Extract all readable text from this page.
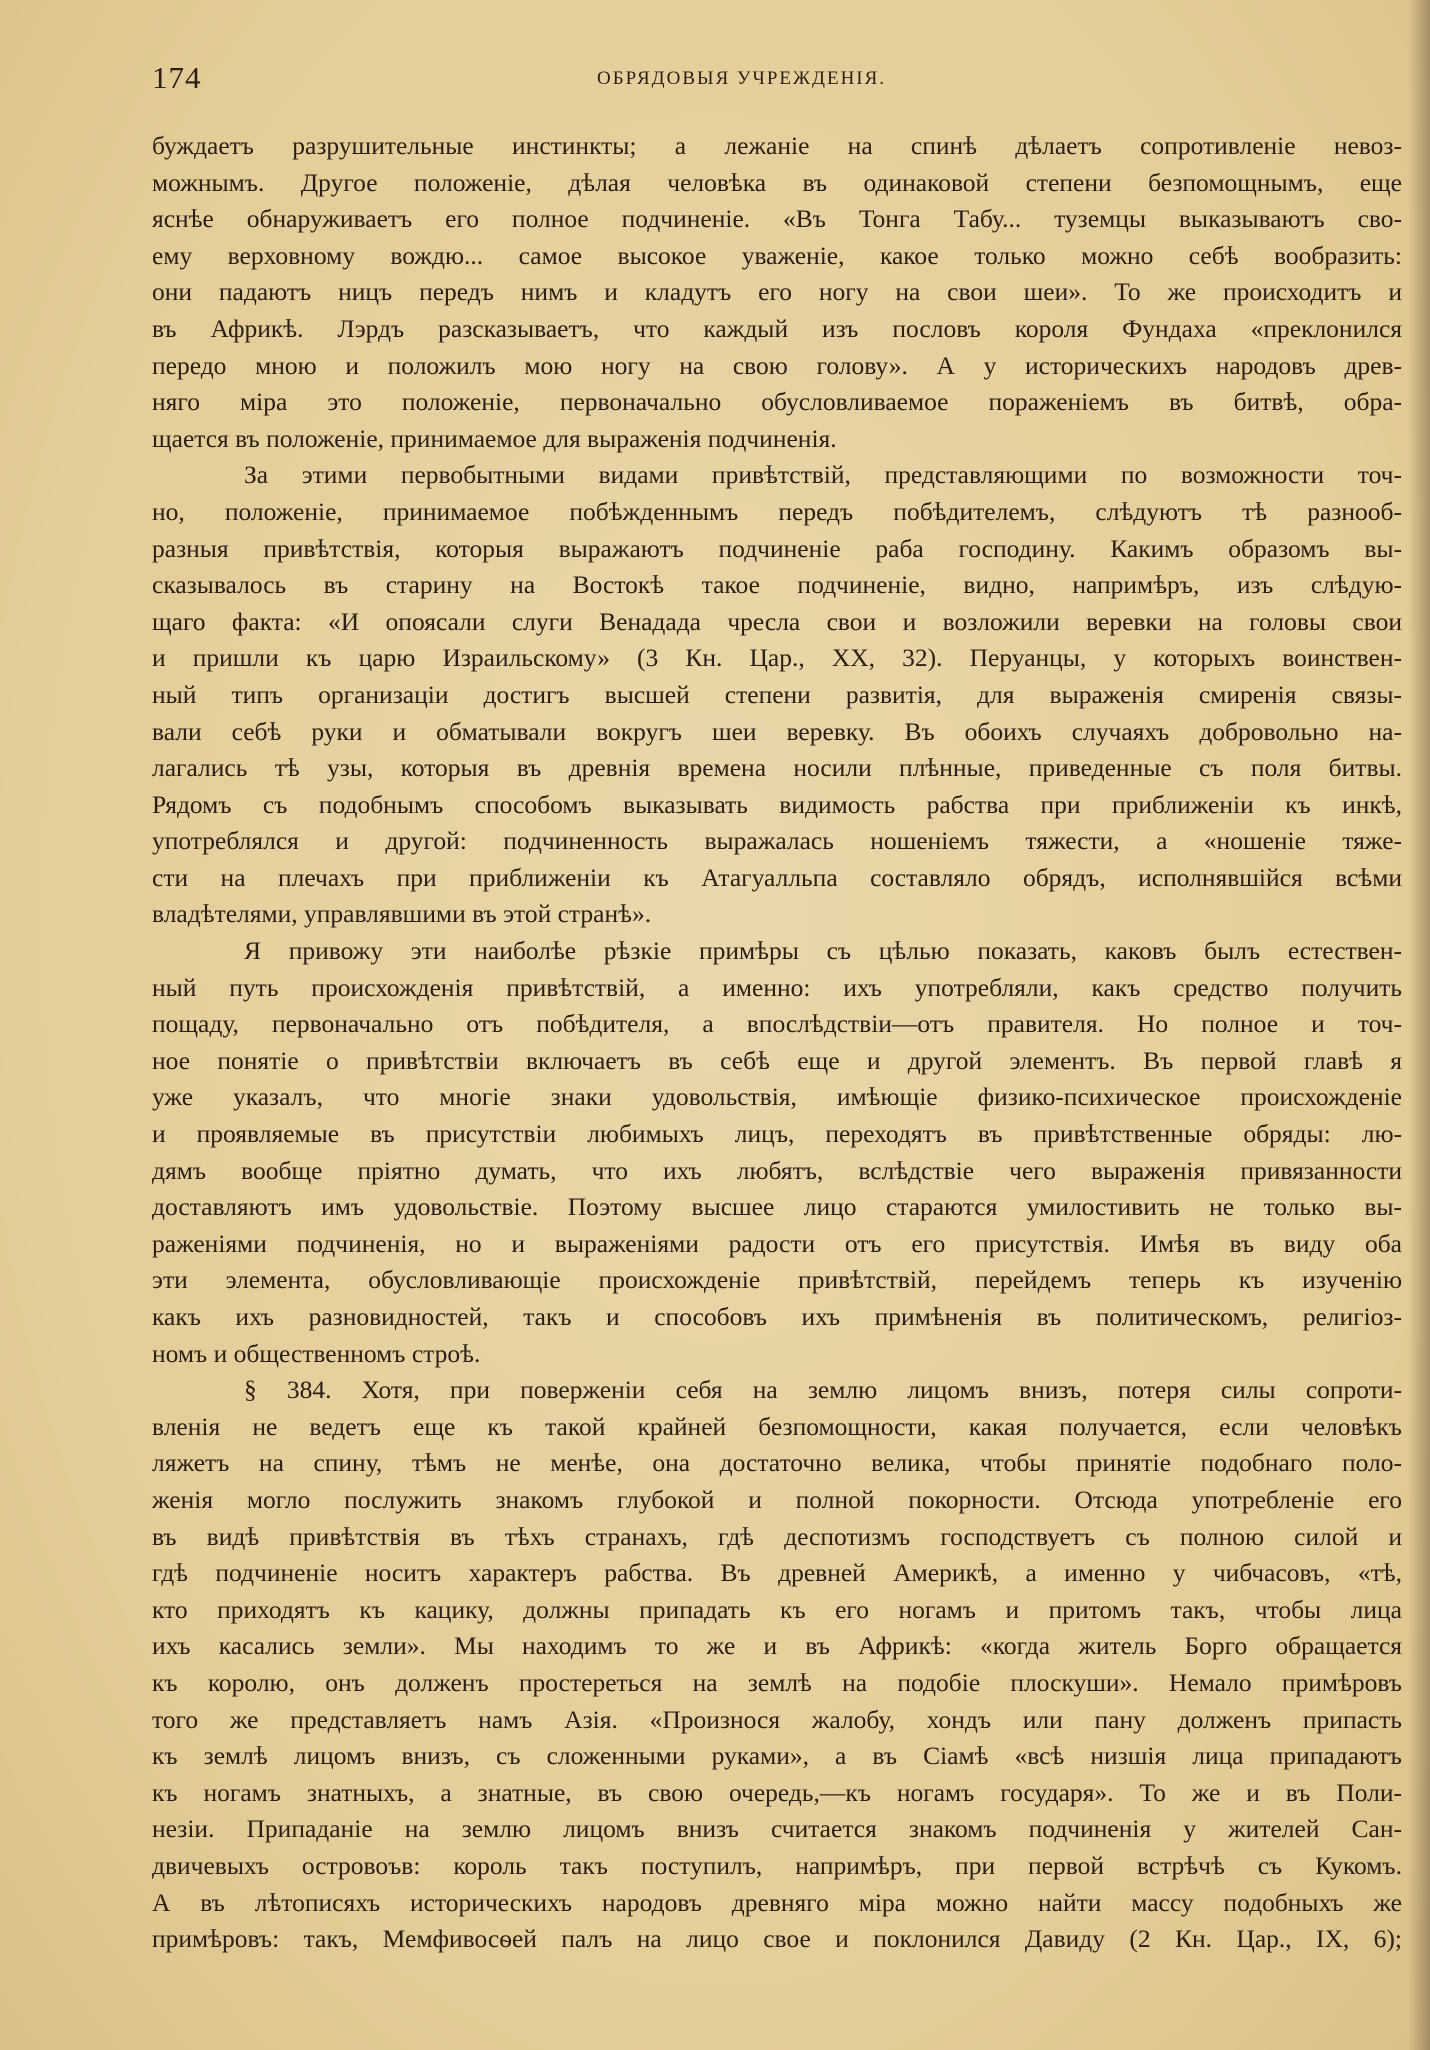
174	ОБРЯДОВЫЯ УЧРЕЖДЕНІЯ.
буждаетъ разрушительные инстинкты; а лежаніе на спинѣ дѣлаетъ сопротивленіе невоз-
можнымъ. Другое положеніе, дѣлая человѣка въ одинаковой степени безпомощнымъ, еще
яснѣе обнаруживаетъ его полное подчиненіе. «Въ Тонга Табу... туземцы выказываютъ сво-
ему верховному вождю... самое высокое уваженіе, какое только можно себѣ вообразить:
они падаютъ ницъ передъ нимъ и кладутъ его ногу на свои шеи». То же происходитъ и
въ Африкѣ. Лэрдъ разсказываетъ, что каждый изъ пословъ короля Фундаха «преклонился
передо мною и положилъ мою ногу на свою голову». А у историческихъ народовъ древ-
няго міра это положеніе, первоначально обусловливаемое пораженіемъ въ битвѣ, обра-
щается въ положеніе, принимаемое для выраженія подчиненія.
За этими первобытными видами привѣтствій, представляющими по возможности точ-
но, положеніе, принимаемое побѣжденнымъ передъ побѣдителемъ, слѣдуютъ тѣ разнооб-
разныя привѣтствія, которыя выражаютъ подчиненіе раба господину. Какимъ образомъ вы-
сказывалось въ старину на Востокѣ такое подчиненіе, видно, напримѣръ, изъ слѣдую-
щаго факта: «И опоясали слуги Венадада чресла свои и возложили веревки на головы свои
и пришли къ царю Израильскому» (3 Кн. Цар., XX, 32). Перуанцы, у которыхъ воинствен-
ный типъ организаціи достигъ высшей степени развитія, для выраженія смиренія связы-
вали себѣ руки и обматывали вокругъ шеи веревку. Въ обоихъ случаяхъ добровольно на-
лагались тѣ узы, которыя въ древнія времена носили плѣнные, приведенные съ поля битвы.
Рядомъ съ подобнымъ способомъ выказывать видимость рабства при приближеніи къ инкѣ,
употреблялся и другой: подчиненность выражалась ношеніемъ тяжести, а «ношеніе тяже-
сти на плечахъ при приближеніи къ Атагуалльпа составляло обрядъ, исполнявшійся всѣми
владѣтелями, управлявшими въ этой странѣ».
Я привожу эти наиболѣе рѣзкіе примѣры съ цѣлью показать, каковъ былъ естествен-
ный путь происхожденія привѣтствій, а именно: ихъ употребляли, какъ средство получить
пощаду, первоначально отъ побѣдителя, а впослѣдствіи—отъ правителя. Но полное и точ-
ное понятіе о привѣтствіи включаетъ въ себѣ еще и другой элементъ. Въ первой главѣ я
уже указалъ, что многіе знаки удовольствія, имѣющіе физико-психическое происхожденіе
и проявляемые въ присутствіи любимыхъ лицъ, переходятъ въ привѣтственные обряды: лю-
дямъ вообще пріятно думать, что ихъ любятъ, вслѣдствіе чего выраженія привязанности
доставляютъ имъ удовольствіе. Поэтому высшее лицо стараются умилостивить не только вы-
раженіями подчиненія, но и выраженіями радости отъ его присутствія. Имѣя въ виду оба
эти элемента, обусловливающіе происхожденіе привѣтствій, перейдемъ теперь къ изученію
какъ ихъ разновидностей, такъ и способовъ ихъ примѣненія въ политическомъ, религіоз-
номъ и общественномъ строѣ.
§ 384. Хотя, при поверженіи себя на землю лицомъ внизъ, потеря силы сопроти-
вленія не ведетъ еще къ такой крайней безпомощности, какая получается, если человѣкъ
ляжетъ на спину, тѣмъ не менѣе, она достаточно велика, чтобы принятіе подобнаго поло-
женія могло послужить знакомъ глубокой и полной покорности. Отсюда употребленіе его
въ видѣ привѣтствія въ тѣхъ странахъ, гдѣ деспотизмъ господствуетъ съ полною силой и
гдѣ подчиненіе носитъ характеръ рабства. Въ древней Америкѣ, а именно у чибчасовъ, «тѣ,
кто приходятъ къ кацику, должны припадать къ его ногамъ и притомъ такъ, чтобы лица
ихъ касались земли». Мы находимъ то же и въ Африкѣ: «когда житель Борго обращается
къ королю, онъ долженъ простереться на землѣ на подобіе плоскуши». Немало примѣровъ
того же представляетъ намъ Азія. «Произнося жалобу, хондъ или пану долженъ припасть
къ землѣ лицомъ внизъ, съ сложенными руками», а въ Сіамѣ «всѣ низшія лица припадаютъ
къ ногамъ знатныхъ, а знатные, въ свою очередь,—къ ногамъ государя». То же и въ Поли-
незіи. Припаданіе на землю лицомъ внизъ считается знакомъ подчиненія у жителей Сан-
двичевыхъ островоъв: король такъ поступилъ, напримѣръ, при первой встрѣчѣ съ Кукомъ.
А въ лѣтописяхъ историческихъ народовъ древняго міра можно найти массу подобныхъ же
примѣровъ: такъ, Мемфивосѳей палъ на лицо свое и поклонился Давиду (2 Кн. Цар., IX, 6);
